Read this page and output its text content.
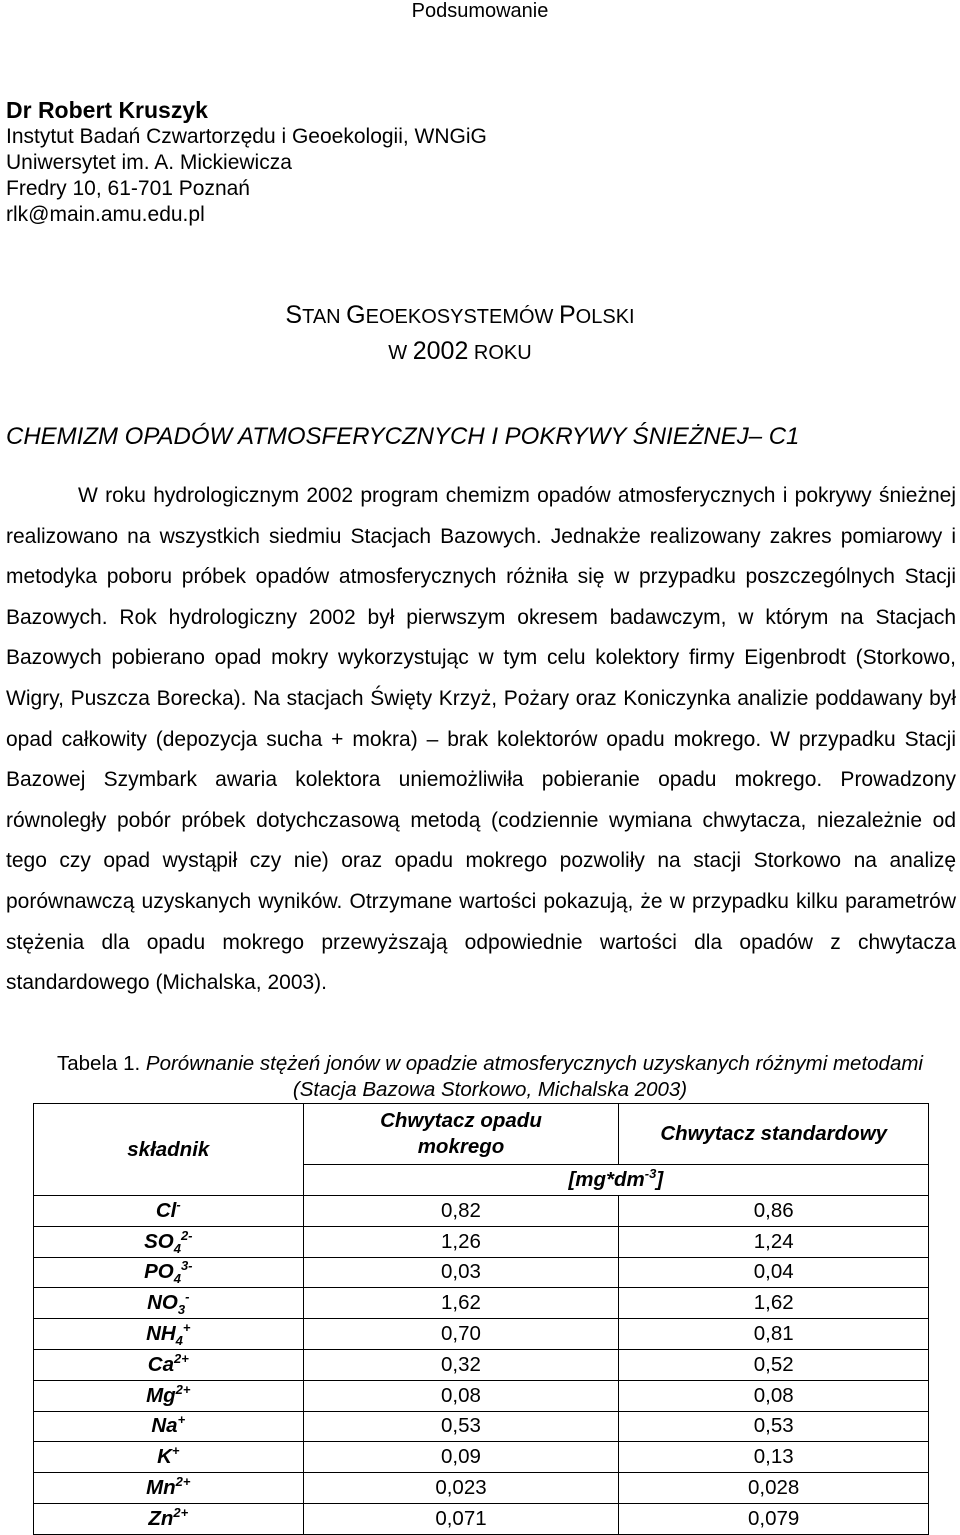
Podsumowanie
Dr Robert Kruszyk
Instytut Badań Czwartorzędu i Geoekologii, WNGiG
Uniwersytet im. A. Mickiewicza
Fredry 10, 61-701 Poznań
rlk@main.amu.edu.pl
STAN GEOEKOSYSTEMÓW POLSKI
W 2002 ROKU
CHEMIZM OPADÓW ATMOSFERYCZNYCH I POKRYWY ŚNIEŻNEJ– C1
W roku hydrologicznym 2002 program chemizm opadów atmosferycznych i pokrywy śnieżnej realizowano na wszystkich siedmiu Stacjach Bazowych. Jednakże realizowany zakres pomiarowy i metodyka poboru próbek opadów atmosferycznych różniła się w przypadku poszczególnych Stacji Bazowych. Rok hydrologiczny 2002 był pierwszym okresem badawczym, w którym na Stacjach Bazowych pobierano opad mokry wykorzystując w tym celu kolektory firmy Eigenbrodt (Storkowo, Wigry, Puszcza Borecka). Na stacjach Święty Krzyż, Pożary oraz Koniczynka analizie poddawany był opad całkowity (depozycja sucha + mokra) – brak kolektorów opadu mokrego. W przypadku Stacji Bazowej Szymbark awaria kolektora uniemożliwiła pobieranie opadu mokrego. Prowadzony równoległy pobór próbek dotychczasową metodą (codziennie wymiana chwytacza, niezależnie od tego czy opad wystąpił czy nie) oraz opadu mokrego pozwoliły na stacji Storkowo na analizę porównawczą uzyskanych wyników. Otrzymane wartości pokazują, że w przypadku kilku parametrów stężenia dla opadu mokrego przewyższają odpowiednie wartości dla opadów z chwytacza standardowego (Michalska, 2003).
Tabela 1. Porównanie stężeń jonów w opadzie atmosferycznych uzyskanych różnymi metodami (Stacja Bazowa Storkowo, Michalska 2003)
składnik	Chwytacz opadu mokrego	Chwytacz standardowy
	$[mg*dm^{-3}]$	
Cl-	0,82	0,86
$SO_4^{2-}$	1,26	1,24
$PO_4^{3-}$	0,03	0,04
$NO_3^-$	1,62	1,62
$NH_4^+$	0,70	0,81
$Ca^{2+}$	0,32	0,52
$Mg^{2+}$	0,08	0,08
Na+	0,53	0,53
K+	0,09	0,13
$Mn^{2+}$	0,023	0,028
$Zn^{2+}$	0,071	0,079
